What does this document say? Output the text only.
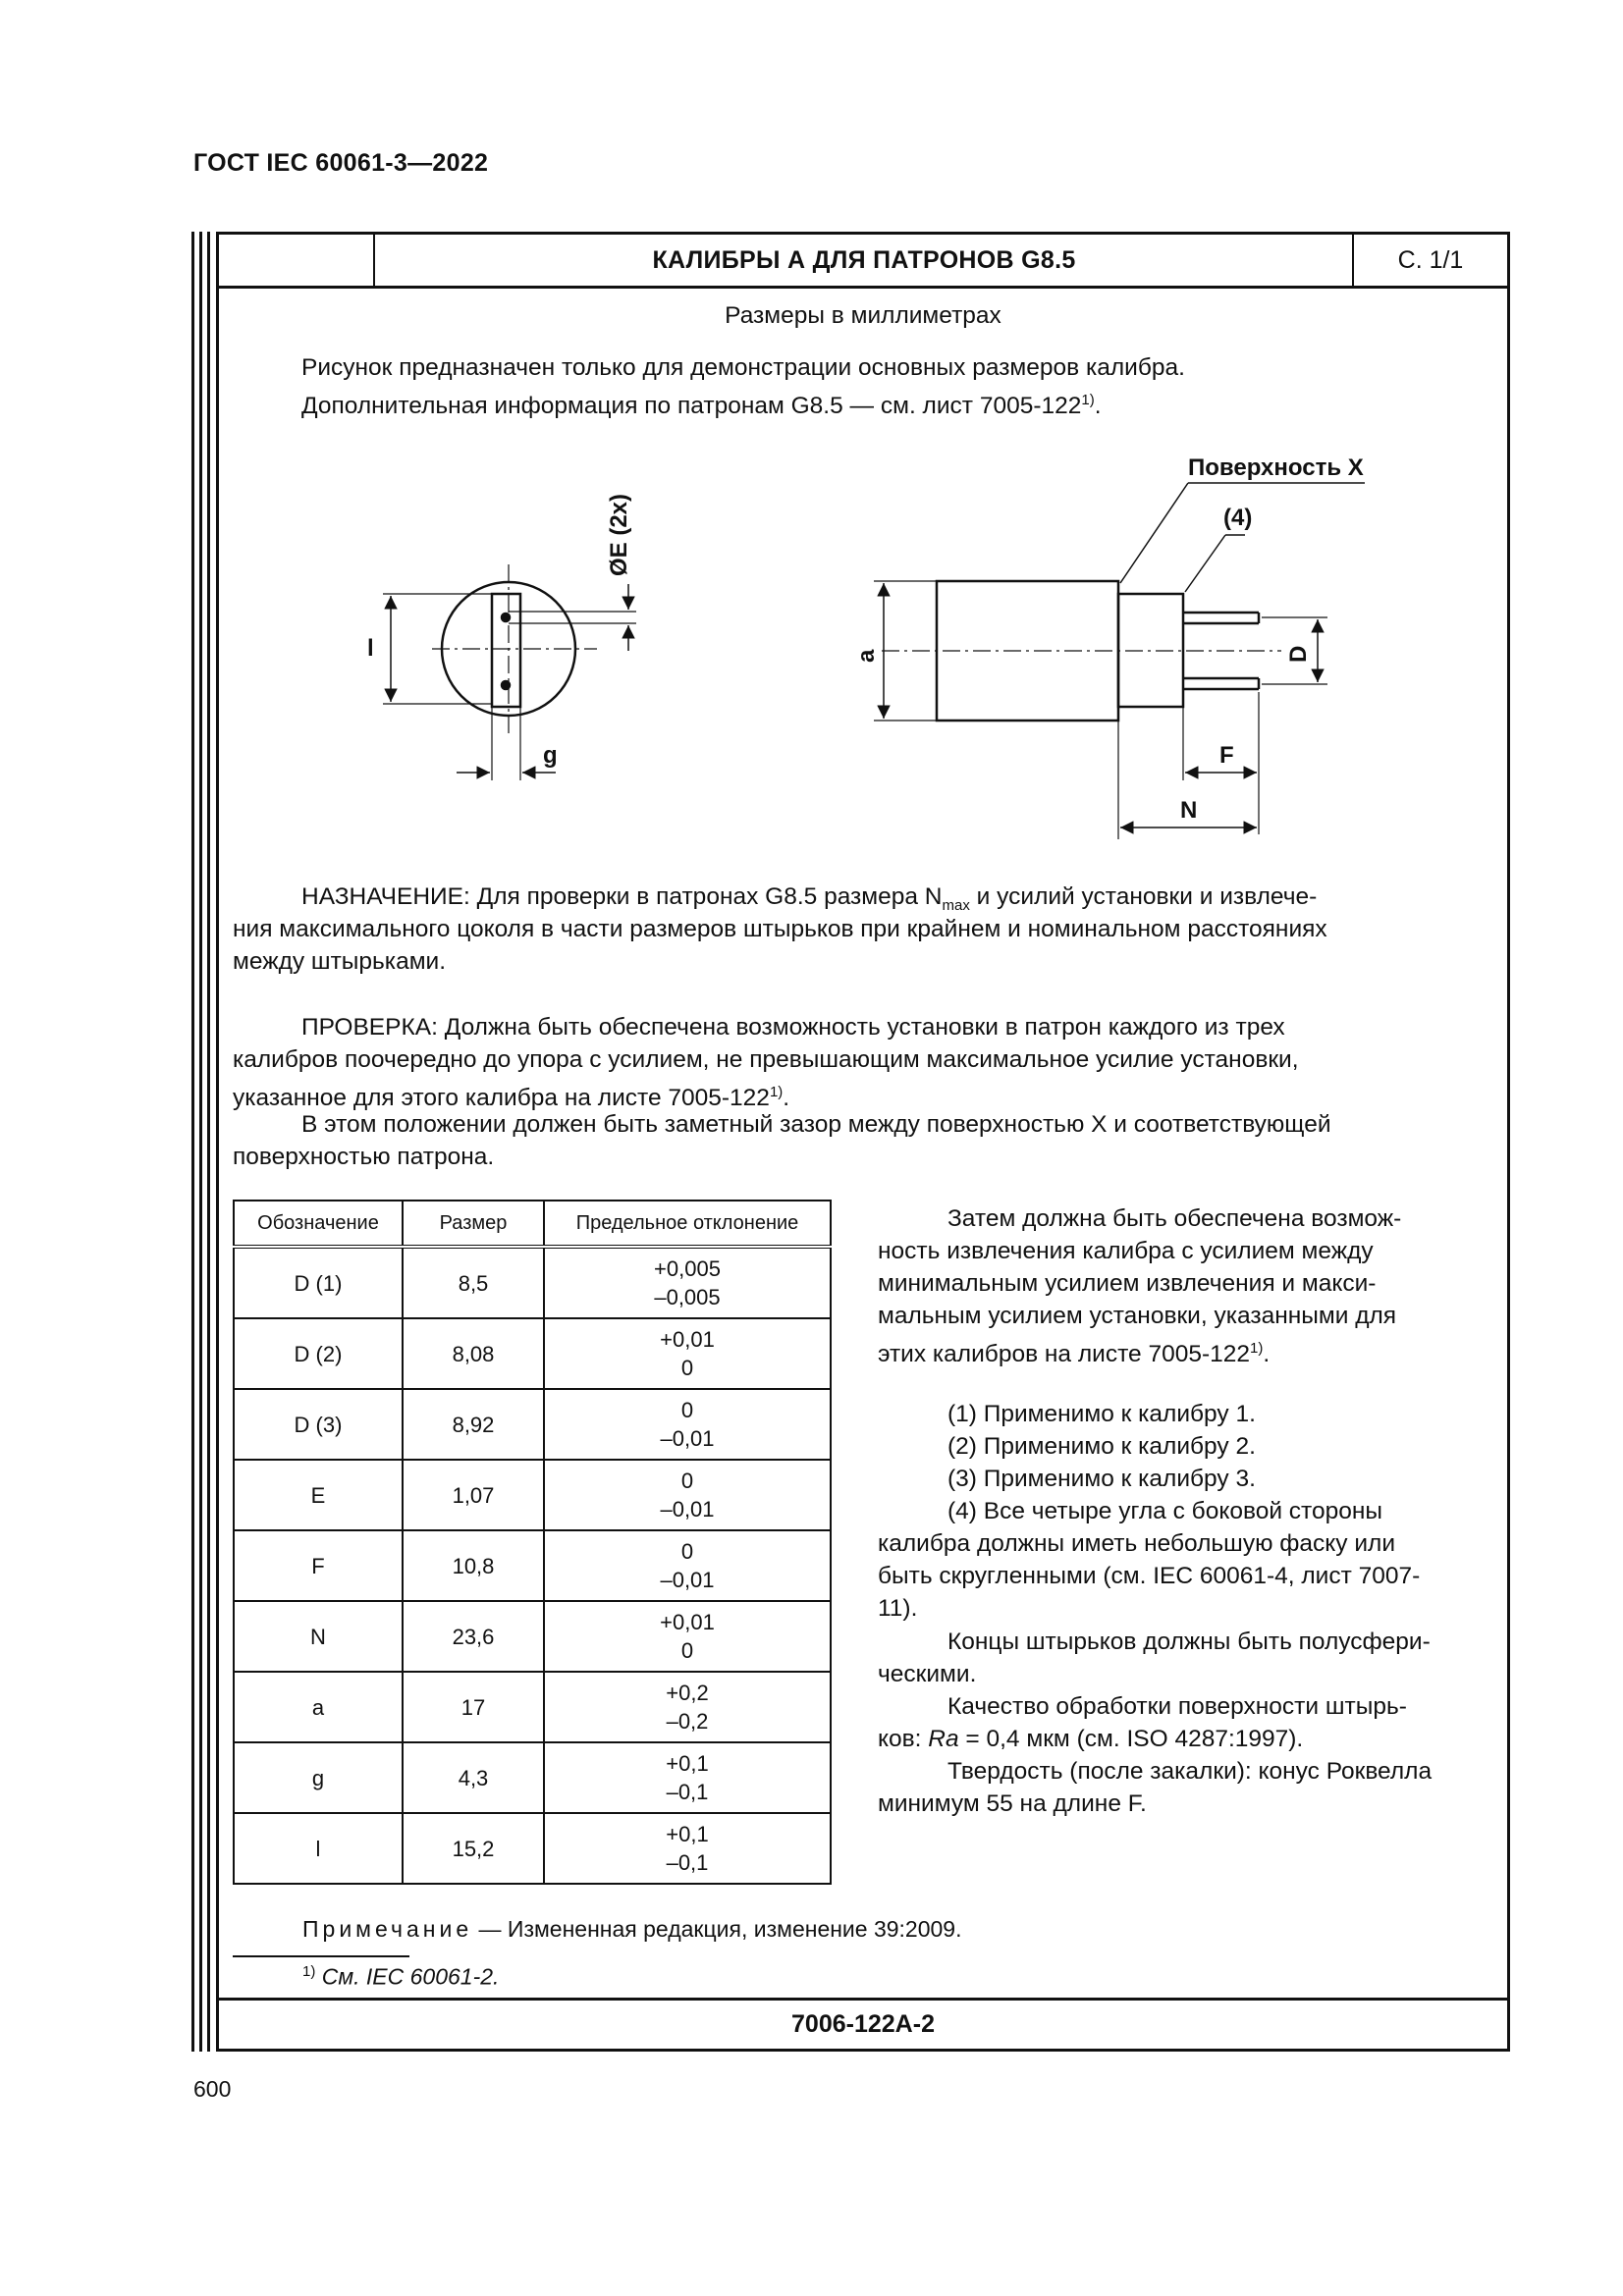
ГОСТ IEC 60061-3—2022
КАЛИБРЫ А ДЛЯ ПАТРОНОВ G8.5	С. 1/1
7006-122А-2
Размеры в миллиметрах
Рисунок предназначен только для демонстрации основных размеров калибра.
Дополнительная информация по патронам G8.5 — см. лист 7005-122$^{1)}$.
Поверхность X
(4)
l
g
ØE (2x)
a	D
F
N
НАЗНАЧЕНИЕ: Для проверки в патронах G8.5 размера $N_{max}$ и усилий установки и извлече-
ния максимального цоколя в части размеров штырьков при крайнем и номинальном расстояниях
между штырьками.
ПРОВЕРКА: Должна быть обеспечена возможность установки в патрон каждого из трех
калибров поочередно до упора с усилием, не превышающим максимальное усилие установки,
указанное для этого калибра на листе 7005-122$^{1)}$.
В этом положении должен быть заметный зазор между поверхностью X и соответствующей
поверхностью патрона.
Обозначение	Размер	Предельное отклонение
D (1)	8,5	+0,005
–0,005

D (2)	8,08	+0,01
0

D (3)	8,92	0
–0,01

E	1,07	0
–0,01

F	10,8	0
–0,01

N	23,6	+0,01
0

a	17	+0,2
–0,2

g	4,3	+0,1
–0,1

l	15,2	+0,1
–0,1
Затем должна быть обеспечена возмож-
ность извлечения калибра с усилием между
минимальным усилием извлечения и макси-
мальным усилием установки, указанными для
этих калибров на листе 7005-122$^{1)}$.
(1) Применимо к калибру 1.
(2) Применимо к калибру 2.
(3) Применимо к калибру 3.
(4) Все четыре угла с боковой стороны
калибра должны иметь небольшую фаску или
быть скругленными (см. IEC 60061-4, лист 7007-
11).
Концы штырьков должны быть полусфери-
ческими.
Качество обработки поверхности штырь-
ков: Ra = 0,4 мкм (см. ISO 4287:1997).
Твердость (после закалки): конус Роквелла
минимум 55 на длине F.
Примечание — Измененная редакция, изменение 39:2009.
$^{1)}$ См. IEC 60061-2.
600
